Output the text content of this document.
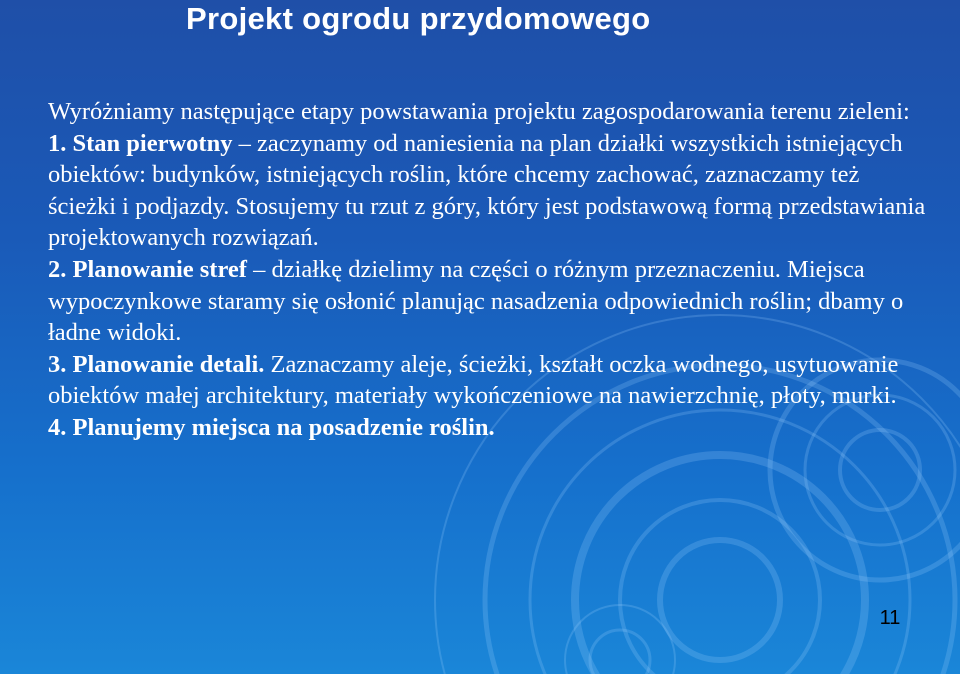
Projekt ogrodu przydomowego

Wyróżniamy następujące etapy powstawania projektu zagospodarowania terenu zieleni:

1. Stan pierwotny – zaczynamy od naniesienia na plan działki wszystkich istniejących obiektów: budynków, istniejących roślin, które chcemy zachować, zaznaczamy też ścieżki i podjazdy. Stosujemy tu rzut z góry, który jest podstawową formą przedstawiania projektowanych rozwiązań.

2. Planowanie stref – działkę dzielimy na części o różnym przeznaczeniu. Miejsca wypoczynkowe staramy się osłonić planując nasadzenia odpowiednich roślin; dbamy o ładne widoki.

3. Planowanie detali. Zaznaczamy aleje, ścieżki, kształt oczka wodnego, usytuowanie obiektów małej architektury, materiały wykończeniowe na nawierzchnię, płoty, murki.

4. Planujemy miejsca na posadzenie roślin.

11
